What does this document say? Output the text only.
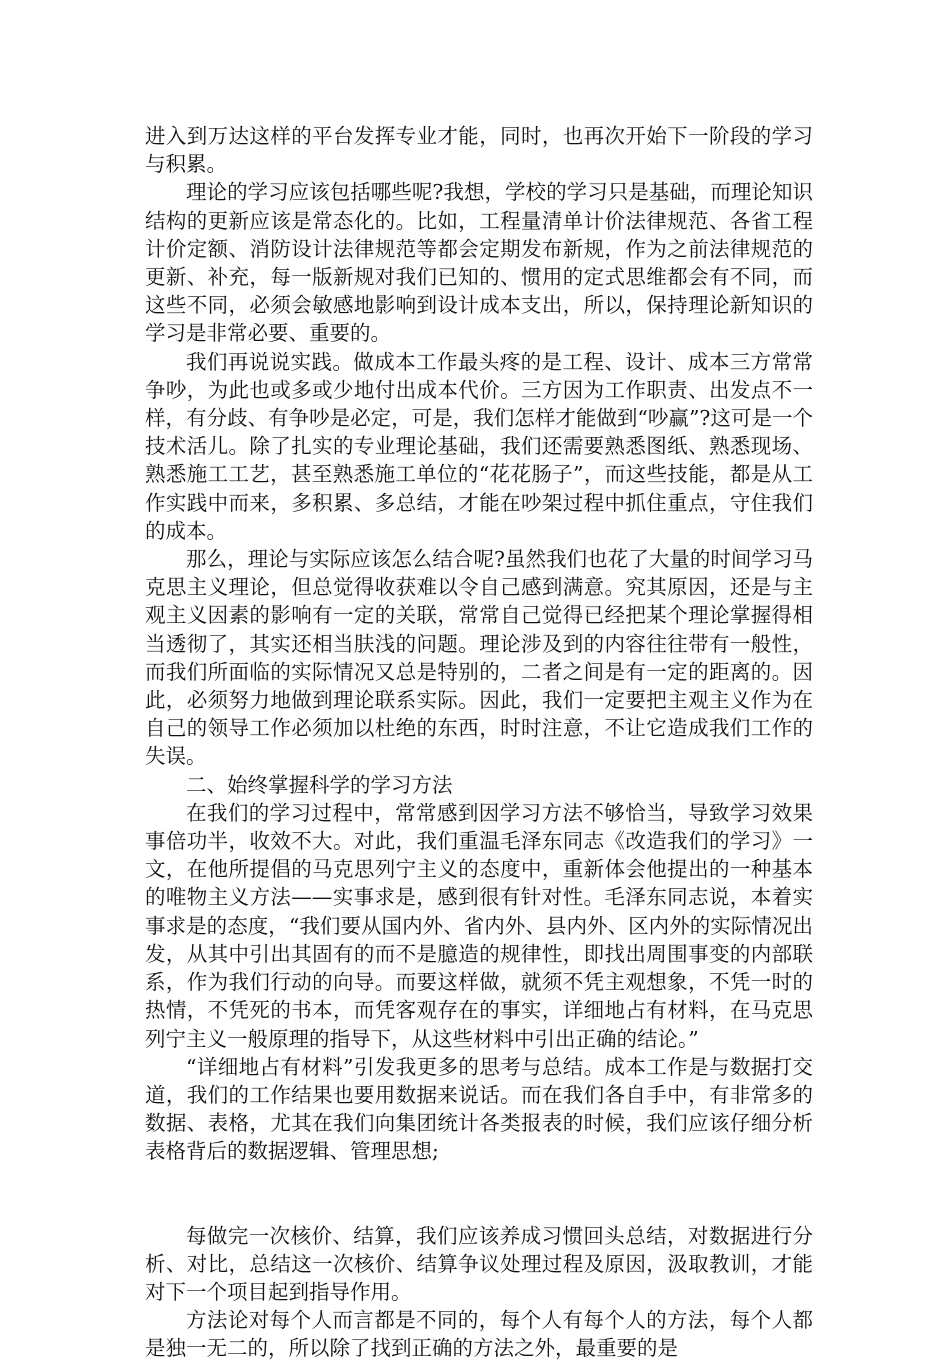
进入到万达这样的平台发挥专业才能，同时，也再次开始下一阶段的学习与积累。

理论的学习应该包括哪些呢?我想，学校的学习只是基础，而理论知识结构的更新应该是常态化的。比如，工程量清单计价法律规范、各省工程计价定额、消防设计法律规范等都会定期发布新规，作为之前法律规范的更新、补充，每一版新规对我们已知的、惯用的定式思维都会有不同，而这些不同，必须会敏感地影响到设计成本支出，所以，保持理论新知识的学习是非常必要、重要的。

我们再说说实践。做成本工作最头疼的是工程、设计、成本三方常常争吵，为此也或多或少地付出成本代价。三方因为工作职责、出发点不一样，有分歧、有争吵是必定，可是，我们怎样才能做到“吵赢”?这可是一个技术活儿。除了扎实的专业理论基础，我们还需要熟悉图纸、熟悉现场、熟悉施工工艺，甚至熟悉施工单位的“花花肠子”，而这些技能，都是从工作实践中而来，多积累、多总结，才能在吵架过程中抓住重点，守住我们的成本。

那么，理论与实际应该怎么结合呢?虽然我们也花了大量的时间学习马克思主义理论，但总觉得收获难以令自己感到满意。究其原因，还是与主观主义因素的影响有一定的关联，常常自己觉得已经把某个理论掌握得相当透彻了，其实还相当肤浅的问题。理论涉及到的内容往往带有一般性，而我们所面临的实际情况又总是特别的，二者之间是有一定的距离的。因此，必须努力地做到理论联系实际。因此，我们一定要把主观主义作为在自己的领导工作必须加以杜绝的东西，时时注意，不让它造成我们工作的失误。

二、始终掌握科学的学习方法

在我们的学习过程中，常常感到因学习方法不够恰当，导致学习效果事倍功半，收效不大。对此，我们重温毛泽东同志《改造我们的学习》一文，在他所提倡的马克思列宁主义的态度中，重新体会他提出的一种基本的唯物主义方法——实事求是，感到很有针对性。毛泽东同志说，本着实事求是的态度，“我们要从国内外、省内外、县内外、区内外的实际情况出发，从其中引出其固有的而不是臆造的规律性，即找出周围事变的内部联系，作为我们行动的向导。而要这样做，就须不凭主观想象，不凭一时的热情，不凭死的书本，而凭客观存在的事实，详细地占有材料，在马克思列宁主义一般原理的指导下，从这些材料中引出正确的结论。”

“详细地占有材料”引发我更多的思考与总结。成本工作是与数据打交道，我们的工作结果也要用数据来说话。而在我们各自手中，有非常多的数据、表格，尤其在我们向集团统计各类报表的时候，我们应该仔细分析表格背后的数据逻辑、管理思想;

每做完一次核价、结算，我们应该养成习惯回头总结，对数据进行分析、对比，总结这一次核价、结算争议处理过程及原因，汲取教训，才能对下一个项目起到指导作用。

方法论对每个人而言都是不同的，每个人有每个人的方法，每个人都是独一无二的，所以除了找到正确的方法之外，最重要的是
